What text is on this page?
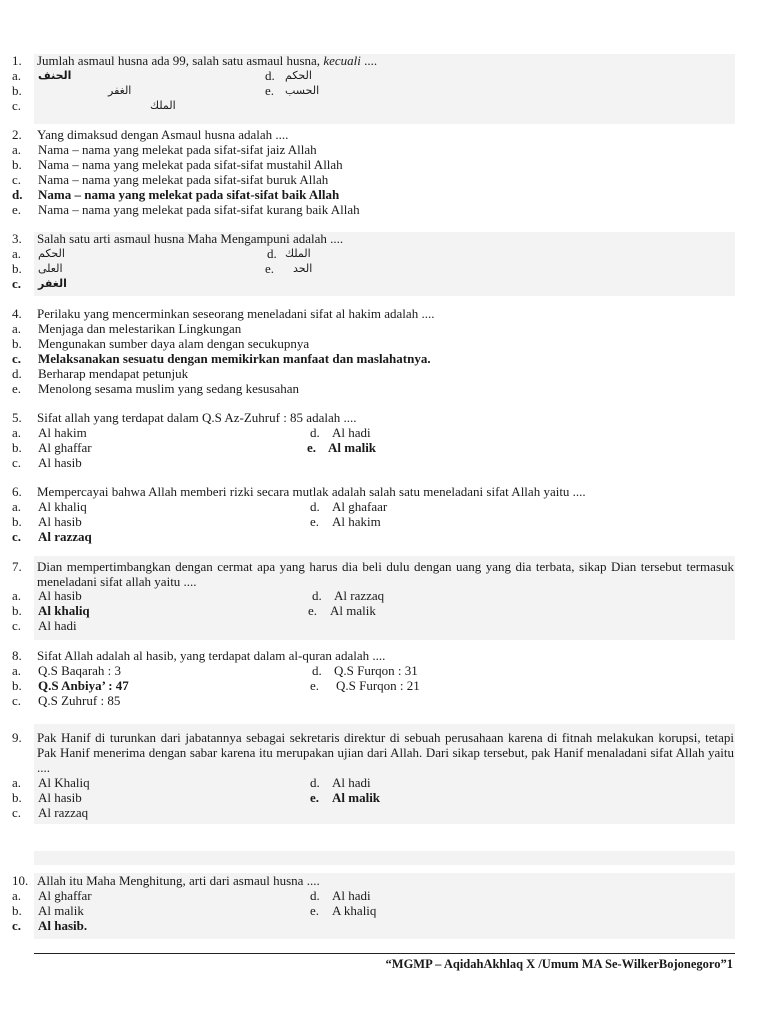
1.	Jumlah asmaul husna ada 99, salah satu asmaul husna, kecuali ....
a. الحنف
b.	الغفر
c.	الملك
d. الحكم
e. الحسب
2.	Yang dimaksud dengan Asmaul husna adalah ....
a. Nama – nama yang melekat pada sifat-sifat jaiz Allah
b. Nama – nama yang melekat pada sifat-sifat mustahil Allah
c. Nama – nama yang melekat pada sifat-sifat buruk Allah
d. Nama – nama yang melekat pada sifat-sifat baik Allah
e. Nama – nama yang melekat pada sifat-sifat kurang baik Allah
3.	Salah satu arti asmaul husna Maha Mengampuni adalah ....
a. الحكم
b. العلى
c. الغفر
d. الملك
e. الحد
4.	Perilaku yang mencerminkan seseorang meneladani sifat al hakim adalah ....
a. Menjaga dan melestarikan Lingkungan
b. Mengunakan sumber daya alam dengan secukupnya
c. Melaksanakan sesuatu dengan memikirkan manfaat dan maslahatnya.
d. Berharap mendapat petunjuk
e. Menolong sesama muslim yang sedang kesusahan
5.	Sifat allah yang terdapat dalam Q.S Az-Zuhruf : 85 adalah ....
a. Al hakim
b. Al ghaffar
c. Al hasib
d. Al hadi
e. Al malik
6.	Mempercayai bahwa Allah memberi rizki secara mutlak adalah salah satu meneladani sifat Allah yaitu ....
a. Al khaliq
b. Al hasib
c. Al razzaq
d. Al ghafaar
e. Al hakim
7.	Dian mempertimbangkan dengan cermat apa yang harus dia beli dulu dengan uang yang dia terbata, sikap Dian tersebut termasuk meneladani sifat allah yaitu ....
a. Al hasib
b. Al khaliq
c. Al hadi
d. Al razzaq
e. Al malik
8.	Sifat Allah adalah al hasib, yang terdapat dalam al-quran adalah ....
a. Q.S Baqarah : 3
b. Q.S Anbiya’ : 47
c. Q.S Zuhruf : 85
d. Q.S Furqon : 31
e. Q.S Furqon : 21
9.	Pak Hanif di turunkan dari jabatannya sebagai sekretaris direktur di sebuah perusahaan karena di fitnah melakukan korupsi, tetapi Pak Hanif menerima dengan sabar karena itu merupakan ujian dari Allah. Dari sikap tersebut, pak Hanif menaladani sifat Allah yaitu ....
a. Al Khaliq
b. Al hasib
c. Al razzaq
d. Al hadi
e. Al malik
10. Allah itu Maha Menghitung, arti dari asmaul husna ....
a. Al ghaffar
b. Al malik
c. Al hasib.
d. Al hadi
e. A khaliq
“MGMP – AqidahAkhlaq X /Umum MA Se-WilkerBojonegoro”1
